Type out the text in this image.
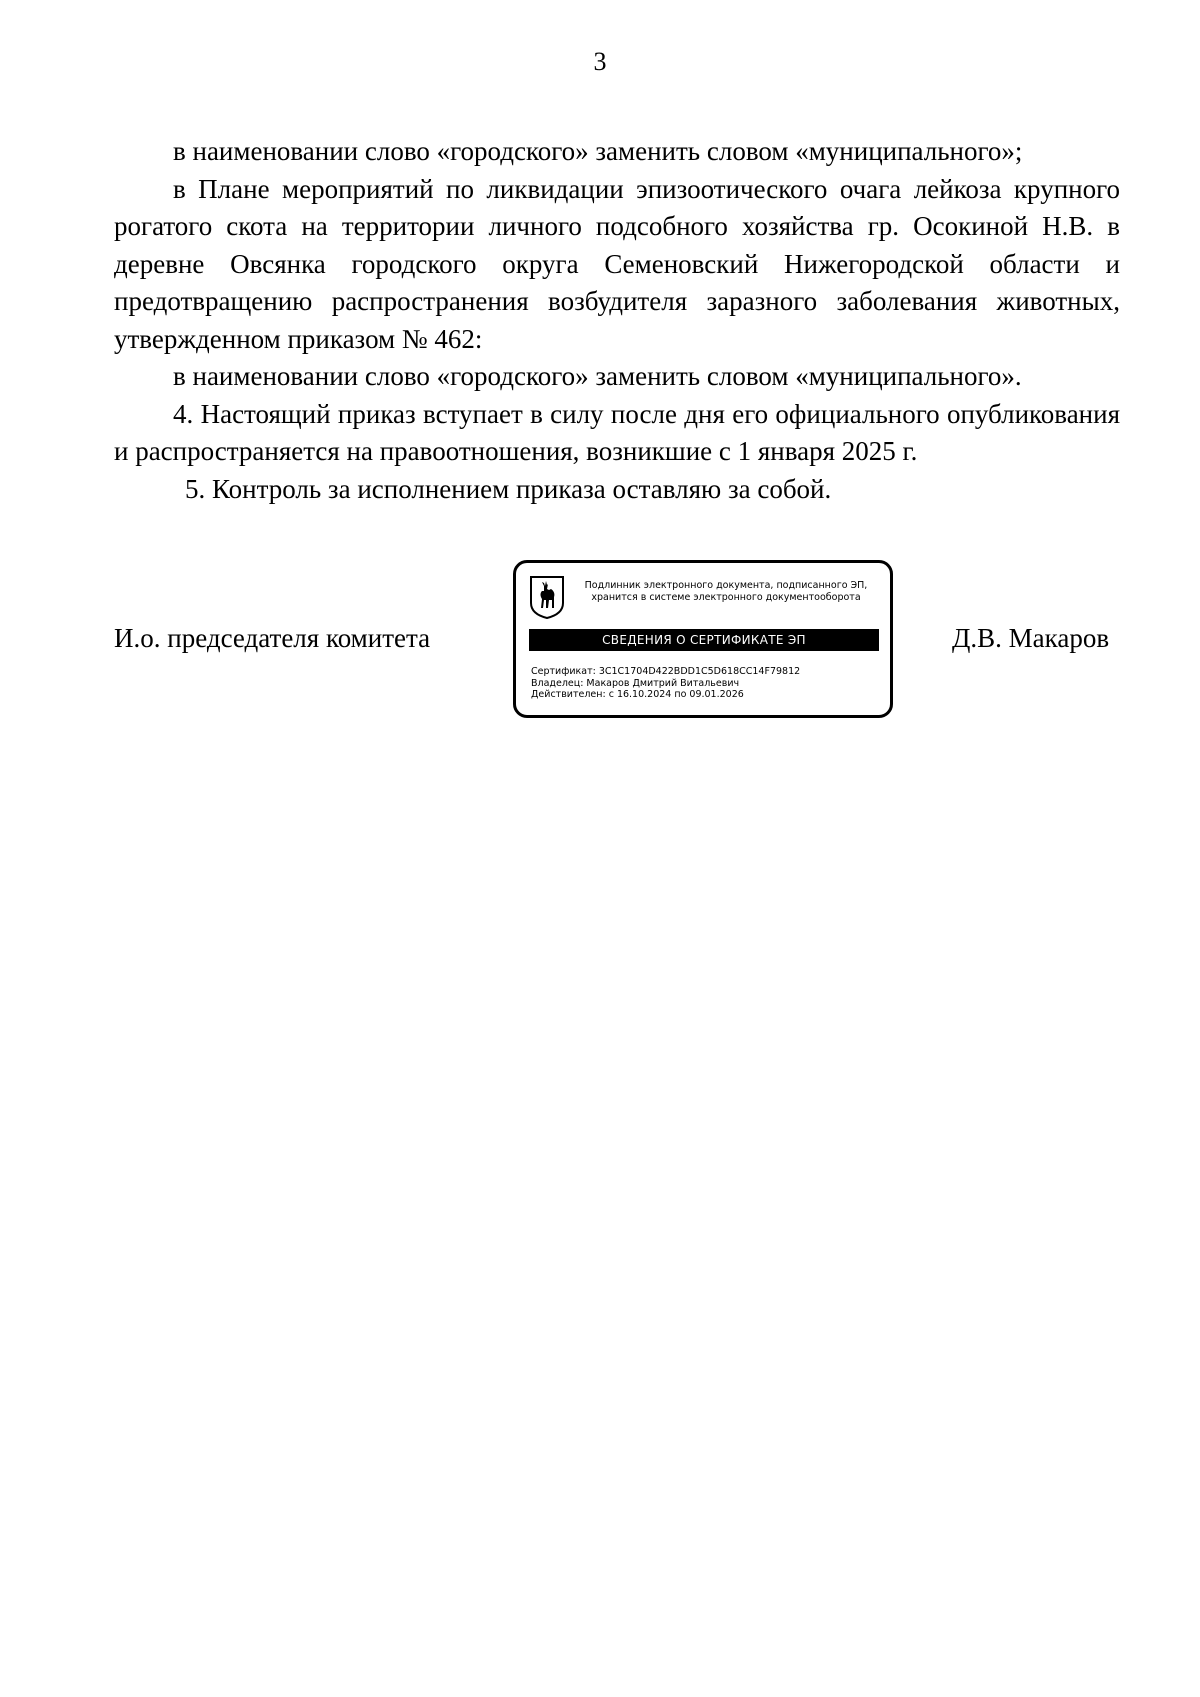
3

в наименовании слово «городского» заменить словом «муниципального»;

в Плане мероприятий по ликвидации эпизоотического очага лейкоза крупного рогатого скота на территории личного подсобного хозяйства гр. Осокиной Н.В. в деревне Овсянка городского округа Семеновский Нижегородской области и предотвращению распространения возбудителя заразного заболевания животных, утвержденном приказом № 462:

в наименовании слово «городского» заменить словом «муниципального».

4. Настоящий приказ вступает в силу после дня его официального опубликования и распространяется на правоотношения, возникшие с 1 января 2025 г.

5. Контроль за исполнением приказа оставляю за собой.

И.о. председателя комитета
Подлинник электронного документа, подписанного ЭП,
хранится в системе электронного документооборота
СВЕДЕНИЯ О СЕРТИФИКАТЕ ЭП
Сертификат: 3C1C1704D422BDD1C5D618CC14F79812
Владелец: Макаров Дмитрий Витальевич
Действителен: с 16.10.2024 по 09.01.2026
Д.В. Макаров
